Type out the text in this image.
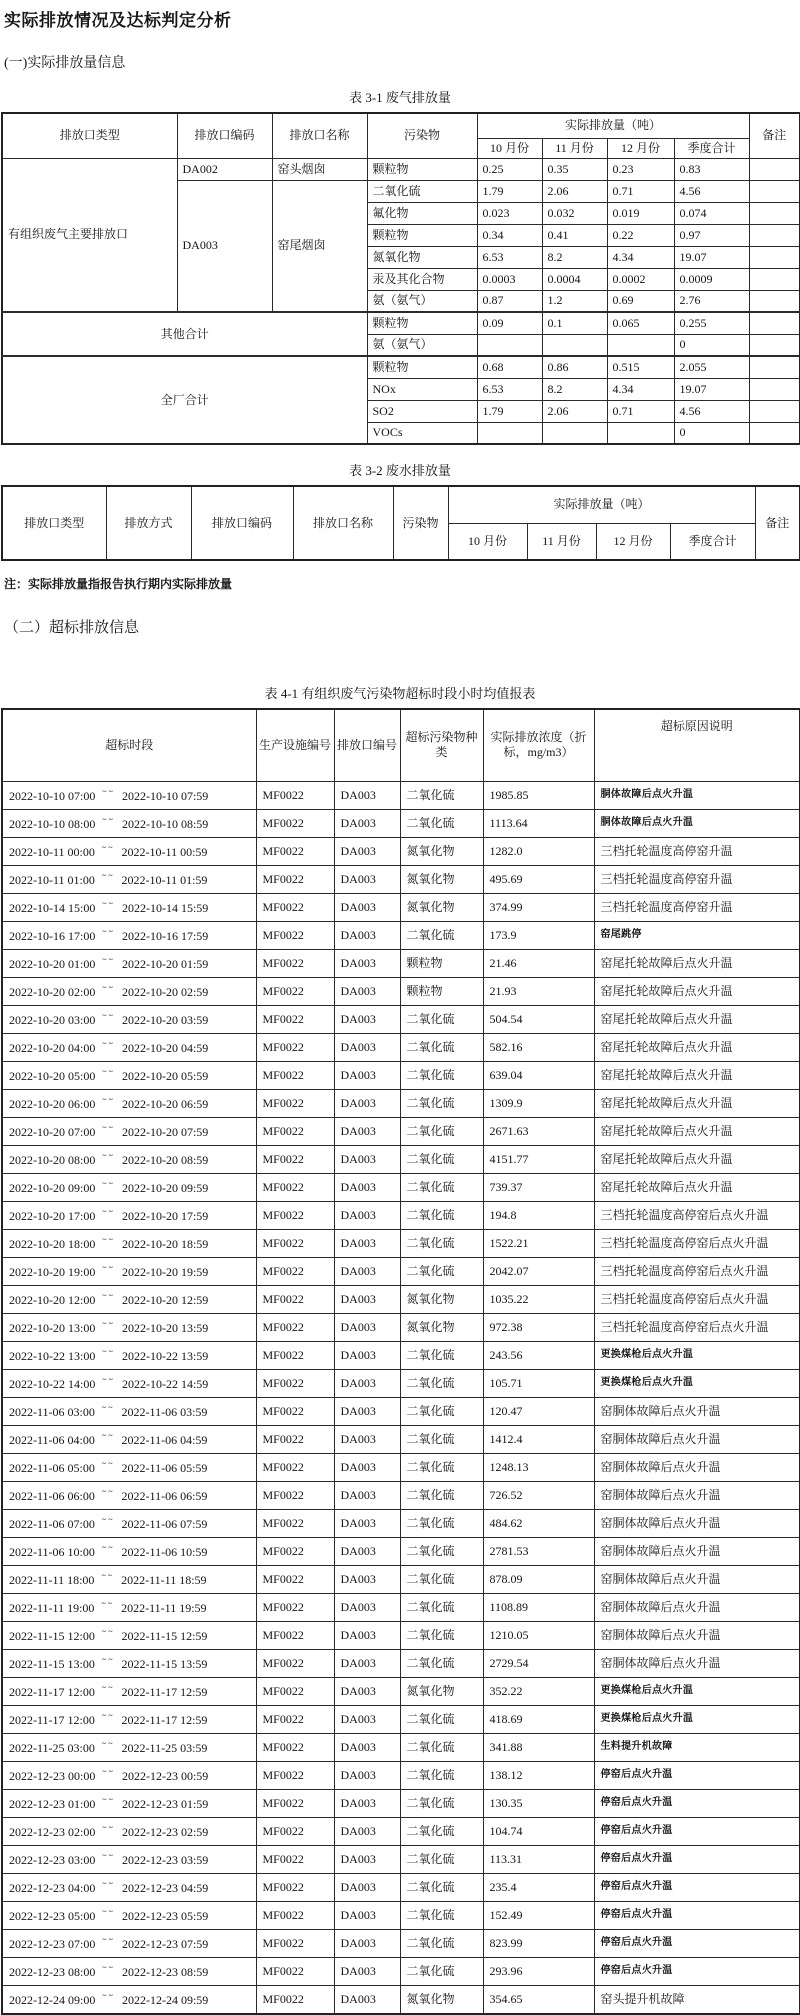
实际排放情况及达标判定分析

(一)实际排放量信息

表 3-1 废气排放量
排放口类型	排放口编码	排放口名称	污染物	实际排放量（吨）				备注
				10 月份	11 月份	12 月份	季度合计	
有组织废气主要排放口	DA002	窑头烟囱	颗粒物	0.25	0.35	0.23	0.83	
	DA003	窑尾烟囱	二氧化硫	1.79	2.06	0.71	4.56	
			氟化物	0.023	0.032	0.019	0.074	
			颗粒物	0.34	0.41	0.22	0.97	
			氮氧化物	6.53	8.2	4.34	19.07	
			汞及其化合物	0.0003	0.0004	0.0002	0.0009	
			氨（氨气）	0.87	1.2	0.69	2.76	
其他合计			颗粒物	0.09	0.1	0.065	0.255	
			氨（氨气）				0	
全厂合计			颗粒物	0.68	0.86	0.515	2.055	
			NOx	6.53	8.2	4.34	19.07	
			SO2	1.79	2.06	0.71	4.56	
			VOCs				0	
表 3-2 废水排放量
排放口类型	排放方式	排放口编码	排放口名称	污染物	实际排放量（吨）				备注
					10 月份	11 月份	12 月份	季度合计	

注：实际排放量指报告执行期内实际排放量

（二）超标排放信息

表 4-1 有组织废气污染物超标时段小时均值报表
超标时段	生产设施编号	排放口编号	超标污染物种类	实际排放浓度（折标，mg/m3）	超标原因说明
2022-10-10 07:00 ~~ 2022-10-10 07:59	MF0022	DA003	二氧化硫	1985.85	胴体故障后点火升温
2022-10-10 08:00 ~~ 2022-10-10 08:59	MF0022	DA003	二氧化硫	1113.64	胴体故障后点火升温
2022-10-11 00:00 ~~ 2022-10-11 00:59	MF0022	DA003	氮氧化物	1282.0	三档托轮温度高停窑升温
2022-10-11 01:00 ~~ 2022-10-11 01:59	MF0022	DA003	氮氧化物	495.69	三档托轮温度高停窑升温
2022-10-14 15:00 ~~ 2022-10-14 15:59	MF0022	DA003	氮氧化物	374.99	三档托轮温度高停窑升温
2022-10-16 17:00 ~~ 2022-10-16 17:59	MF0022	DA003	二氧化硫	173.9	窑尾跳停
2022-10-20 01:00 ~~ 2022-10-20 01:59	MF0022	DA003	颗粒物	21.46	窑尾托轮故障后点火升温
2022-10-20 02:00 ~~ 2022-10-20 02:59	MF0022	DA003	颗粒物	21.93	窑尾托轮故障后点火升温
2022-10-20 03:00 ~~ 2022-10-20 03:59	MF0022	DA003	二氧化硫	504.54	窑尾托轮故障后点火升温
2022-10-20 04:00 ~~ 2022-10-20 04:59	MF0022	DA003	二氧化硫	582.16	窑尾托轮故障后点火升温
2022-10-20 05:00 ~~ 2022-10-20 05:59	MF0022	DA003	二氧化硫	639.04	窑尾托轮故障后点火升温
2022-10-20 06:00 ~~ 2022-10-20 06:59	MF0022	DA003	二氧化硫	1309.9	窑尾托轮故障后点火升温
2022-10-20 07:00 ~~ 2022-10-20 07:59	MF0022	DA003	二氧化硫	2671.63	窑尾托轮故障后点火升温
2022-10-20 08:00 ~~ 2022-10-20 08:59	MF0022	DA003	二氧化硫	4151.77	窑尾托轮故障后点火升温
2022-10-20 09:00 ~~ 2022-10-20 09:59	MF0022	DA003	二氧化硫	739.37	窑尾托轮故障后点火升温
2022-10-20 17:00 ~~ 2022-10-20 17:59	MF0022	DA003	二氧化硫	194.8	三档托轮温度高停窑后点火升温
2022-10-20 18:00 ~~ 2022-10-20 18:59	MF0022	DA003	二氧化硫	1522.21	三档托轮温度高停窑后点火升温
2022-10-20 19:00 ~~ 2022-10-20 19:59	MF0022	DA003	二氧化硫	2042.07	三档托轮温度高停窑后点火升温
2022-10-20 12:00 ~~ 2022-10-20 12:59	MF0022	DA003	氮氧化物	1035.22	三档托轮温度高停窑后点火升温
2022-10-20 13:00 ~~ 2022-10-20 13:59	MF0022	DA003	氮氧化物	972.38	三档托轮温度高停窑后点火升温
2022-10-22 13:00 ~~ 2022-10-22 13:59	MF0022	DA003	二氧化硫	243.56	更换煤枪后点火升温
2022-10-22 14:00 ~~ 2022-10-22 14:59	MF0022	DA003	二氧化硫	105.71	更换煤枪后点火升温
2022-11-06 03:00 ~~ 2022-11-06 03:59	MF0022	DA003	二氧化硫	120.47	窑胴体故障后点火升温
2022-11-06 04:00 ~~ 2022-11-06 04:59	MF0022	DA003	二氧化硫	1412.4	窑胴体故障后点火升温
2022-11-06 05:00 ~~ 2022-11-06 05:59	MF0022	DA003	二氧化硫	1248.13	窑胴体故障后点火升温
2022-11-06 06:00 ~~ 2022-11-06 06:59	MF0022	DA003	二氧化硫	726.52	窑胴体故障后点火升温
2022-11-06 07:00 ~~ 2022-11-06 07:59	MF0022	DA003	二氧化硫	484.62	窑胴体故障后点火升温
2022-11-06 10:00 ~~ 2022-11-06 10:59	MF0022	DA003	二氧化硫	2781.53	窑胴体故障后点火升温
2022-11-11 18:00 ~~ 2022-11-11 18:59	MF0022	DA003	二氧化硫	878.09	窑胴体故障后点火升温
2022-11-11 19:00 ~~ 2022-11-11 19:59	MF0022	DA003	二氧化硫	1108.89	窑胴体故障后点火升温
2022-11-15 12:00 ~~ 2022-11-15 12:59	MF0022	DA003	二氧化硫	1210.05	窑胴体故障后点火升温
2022-11-15 13:00 ~~ 2022-11-15 13:59	MF0022	DA003	二氧化硫	2729.54	窑胴体故障后点火升温
2022-11-17 12:00 ~~ 2022-11-17 12:59	MF0022	DA003	氮氧化物	352.22	更换煤枪后点火升温
2022-11-17 12:00 ~~ 2022-11-17 12:59	MF0022	DA003	二氧化硫	418.69	更换煤枪后点火升温
2022-11-25 03:00 ~~ 2022-11-25 03:59	MF0022	DA003	二氧化硫	341.88	生料提升机故障
2022-12-23 00:00 ~~ 2022-12-23 00:59	MF0022	DA003	二氧化硫	138.12	停窑后点火升温
2022-12-23 01:00 ~~ 2022-12-23 01:59	MF0022	DA003	二氧化硫	130.35	停窑后点火升温
2022-12-23 02:00 ~~ 2022-12-23 02:59	MF0022	DA003	二氧化硫	104.74	停窑后点火升温
2022-12-23 03:00 ~~ 2022-12-23 03:59	MF0022	DA003	二氧化硫	113.31	停窑后点火升温
2022-12-23 04:00 ~~ 2022-12-23 04:59	MF0022	DA003	二氧化硫	235.4	停窑后点火升温
2022-12-23 05:00 ~~ 2022-12-23 05:59	MF0022	DA003	二氧化硫	152.49	停窑后点火升温
2022-12-23 07:00 ~~ 2022-12-23 07:59	MF0022	DA003	二氧化硫	823.99	停窑后点火升温
2022-12-23 08:00 ~~ 2022-12-23 08:59	MF0022	DA003	二氧化硫	293.96	停窑后点火升温
2022-12-24 09:00 ~~ 2022-12-24 09:59	MF0022	DA003	氮氧化物	354.65	窑头提升机故障
